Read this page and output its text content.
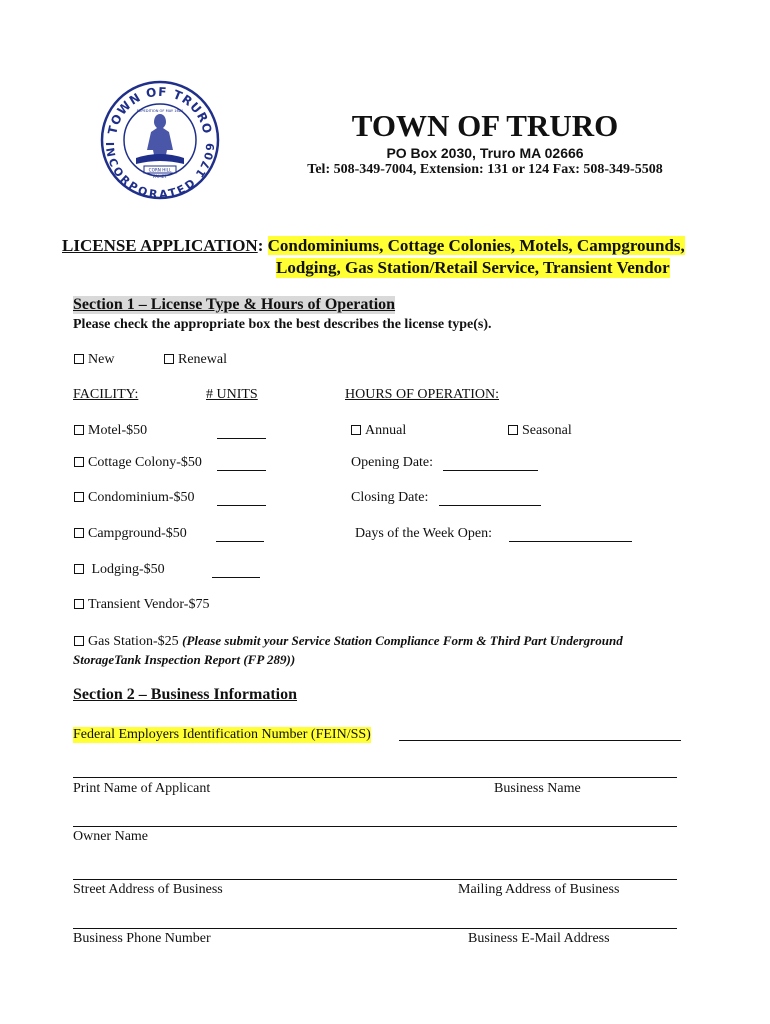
TOWN OF TRURO
INCORPORATED 1709
CORN HILL
PAMET
EXPEDITION OF MAY 1621	TOWN OF TRURO
PO Box 2030, Truro MA 02666
Tel: 508-349-7004, Extension: 131 or 124 Fax: 508-349-5508
LICENSE APPLICATION: Condominiums, Cottage Colonies, Motels, Campgrounds,
Lodging, Gas Station/Retail Service, Transient Vendor
Section 1 – License Type & Hours of Operation
Please check the appropriate box the best describes the license type(s).
New	Renewal
FACILITY:	# UNITS	HOURS OF OPERATION:
Motel-$50	Annual	Seasonal
Cottage Colony-$50	Opening Date:
Condominium-$50	Closing Date:
Campground-$50	Days of the Week Open:
Lodging-$50
Transient Vendor-$75
Gas Station-$25 (Please submit your Service Station Compliance Form & Third Part Underground
StorageTank Inspection Report (FP 289))
Section 2 – Business Information
Federal Employers Identification Number (FEIN/SS)
Print Name of Applicant	Business Name
Owner Name
Street Address of Business	Mailing Address of Business
Business Phone Number	Business E-Mail Address
